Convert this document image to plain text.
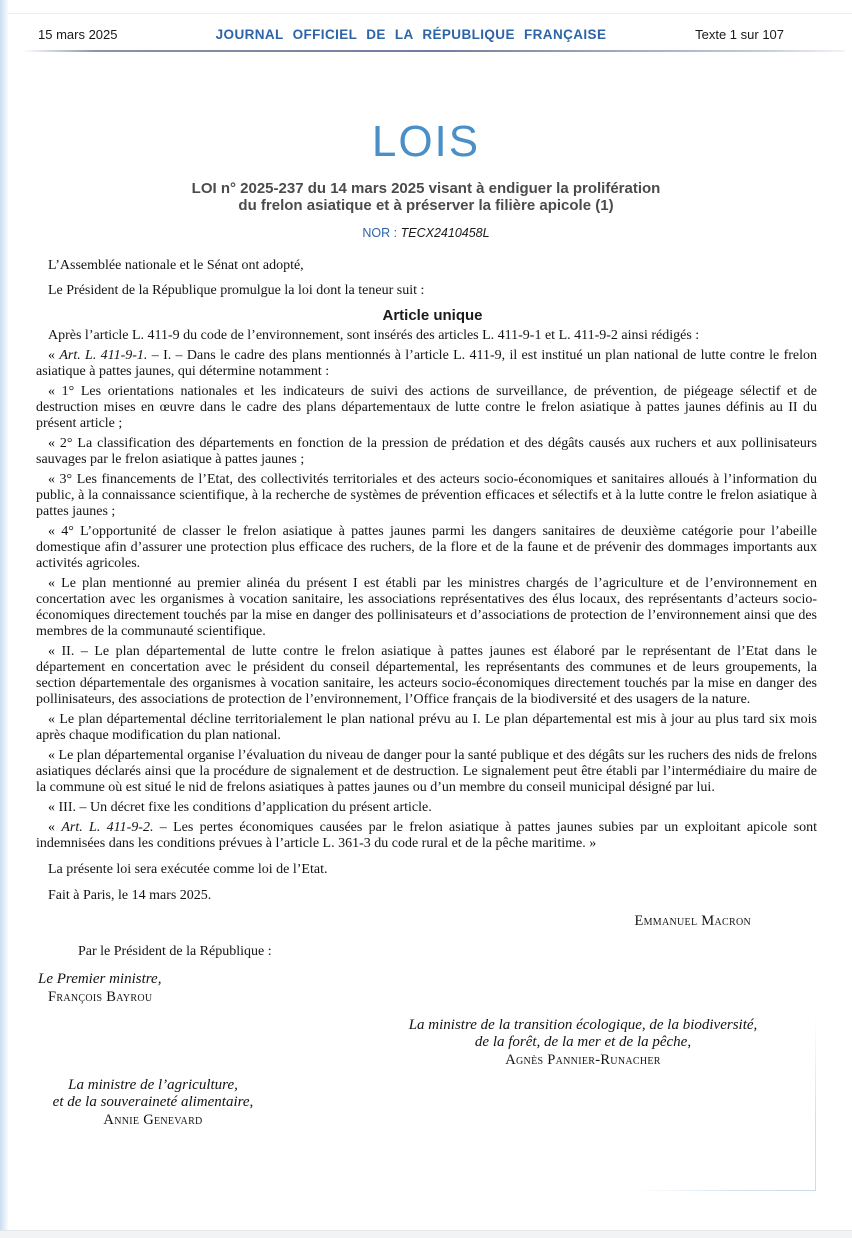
15 mars 2025	JOURNAL OFFICIEL DE LA RÉPUBLIQUE FRANÇAISE	Texte 1 sur 107
LOIS
LOI n° 2025-237 du 14 mars 2025 visant à endiguer la prolifération
du frelon asiatique et à préserver la filière apicole (1)
NOR : TECX2410458L

L’Assemblée nationale et le Sénat ont adopté,

Le Président de la République promulgue la loi dont la teneur suit :

Article unique

Après l’article L. 411-9 du code de l’environnement, sont insérés des articles L. 411-9-1 et L. 411-9-2 ainsi rédigés :

« Art. L. 411-9-1. – I. – Dans le cadre des plans mentionnés à l’article L. 411-9, il est institué un plan national de lutte contre le frelon asiatique à pattes jaunes, qui détermine notamment :

« 1° Les orientations nationales et les indicateurs de suivi des actions de surveillance, de prévention, de piégeage sélectif et de destruction mises en œuvre dans le cadre des plans départementaux de lutte contre le frelon asiatique à pattes jaunes définis au II du présent article ;

« 2° La classification des départements en fonction de la pression de prédation et des dégâts causés aux ruchers et aux pollinisateurs sauvages par le frelon asiatique à pattes jaunes ;

« 3° Les financements de l’Etat, des collectivités territoriales et des acteurs socio-économiques et sanitaires alloués à l’information du public, à la connaissance scientifique, à la recherche de systèmes de prévention efficaces et sélectifs et à la lutte contre le frelon asiatique à pattes jaunes ;

« 4° L’opportunité de classer le frelon asiatique à pattes jaunes parmi les dangers sanitaires de deuxième catégorie pour l’abeille domestique afin d’assurer une protection plus efficace des ruchers, de la flore et de la faune et de prévenir des dommages importants aux activités agricoles.

« Le plan mentionné au premier alinéa du présent I est établi par les ministres chargés de l’agriculture et de l’environnement en concertation avec les organismes à vocation sanitaire, les associations représentatives des élus locaux, des représentants d’acteurs socio-économiques directement touchés par la mise en danger des pollinisateurs et d’associations de protection de l’environnement ainsi que des membres de la communauté scientifique.

« II. – Le plan départemental de lutte contre le frelon asiatique à pattes jaunes est élaboré par le représentant de l’Etat dans le département en concertation avec le président du conseil départemental, les représentants des communes et de leurs groupements, la section départementale des organismes à vocation sanitaire, les acteurs socio-économiques directement touchés par la mise en danger des pollinisateurs, des associations de protection de l’environnement, l’Office français de la biodiversité et des usagers de la nature.

« Le plan départemental décline territorialement le plan national prévu au I. Le plan départemental est mis à jour au plus tard six mois après chaque modification du plan national.

« Le plan départemental organise l’évaluation du niveau de danger pour la santé publique et des dégâts sur les ruchers des nids de frelons asiatiques déclarés ainsi que la procédure de signalement et de destruction. Le signalement peut être établi par l’intermédiaire du maire de la commune où est situé le nid de frelons asiatiques à pattes jaunes ou d’un membre du conseil municipal désigné par lui.

« III. – Un décret fixe les conditions d’application du présent article.

« Art. L. 411-9-2. – Les pertes économiques causées par le frelon asiatique à pattes jaunes subies par un exploitant apicole sont indemnisées dans les conditions prévues à l’article L. 361-3 du code rural et de la pêche maritime. »

La présente loi sera exécutée comme loi de l’Etat.

Fait à Paris, le 14 mars 2025.

Emmanuel Macron
Par le Président de la République :
Le Premier ministre,
François Bayrou
La ministre de la transition écologique, de la biodiversité,
de la forêt, de la mer et de la pêche,
Agnès Pannier-Runacher
La ministre de l’agriculture,
et de la souveraineté alimentaire,
Annie Genevard
